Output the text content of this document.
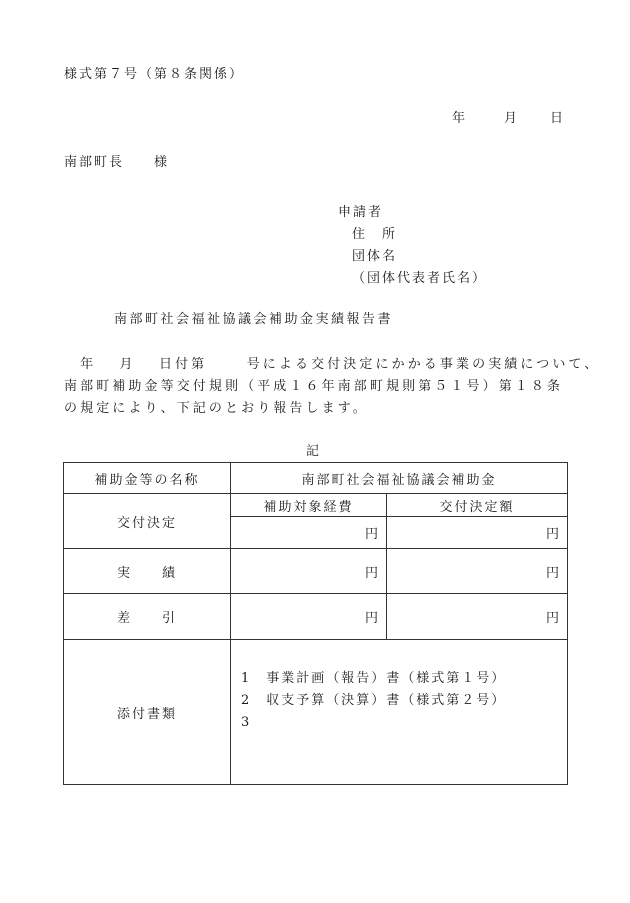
様式第７号（第８条関係）
年	月 日
南部町長　　様
申請者
住　所
団体名
（団体代表者氏名）
南部町社会福祉協議会補助金実績報告書
　年　 月　 日付第　　 号による交付決定にかかる事業の実績について、
南部町補助金等交付規則（平成１６年南部町規則第５１号）第１８条
の規定により、下記のとおり報告します。
記
補助金等の名称	南部町社会福祉協議会補助金	
交付決定	補助対象経費	交付決定額
	円	円
実　　績	円	円
差　　引	円	円
添付書類	1　事業計画（報告）書（様式第１号）
2　収支予算（決算）書（様式第２号）
3	
